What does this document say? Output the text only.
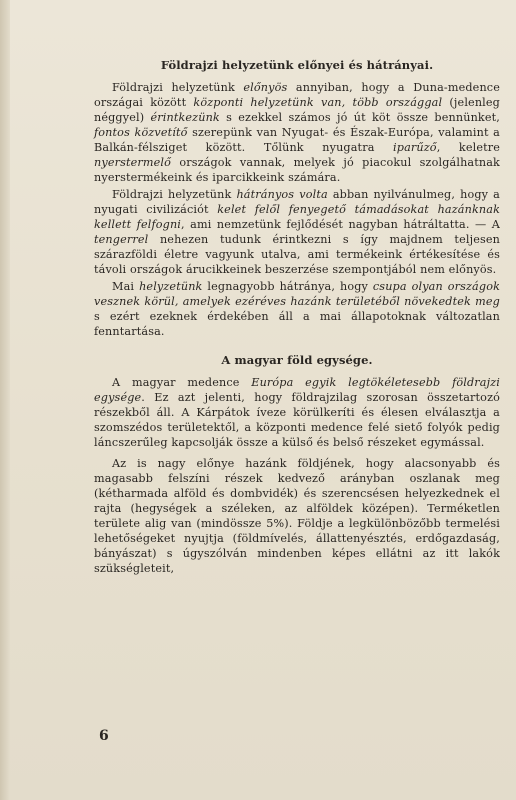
Földrajzi helyzetünk előnyei és hátrányai.

Földrajzi helyzetünk előnyös annyiban, hogy a Duna-medence országai között központi helyzetünk van, több országgal (jelenleg néggyel) érintkezünk s ezekkel számos jó út köt össze bennünket, fontos közvetítő szerepünk van Nyugat- és Észak-Európa, valamint a Balkán-félsziget között. Tőlünk nyugatra iparűző, keletre nyerstermelő országok vannak, melyek jó piacokul szolgálhatnak nyerstermékeink és iparcikkeink számára.

Földrajzi helyzetünk hátrányos volta abban nyilvánulmeg, hogy a nyugati civilizációt kelet felől fenyegető támadásokat hazánknak kellett felfogni, ami nemzetünk fejlődését nagyban hátráltatta. — A tengerrel nehezen tudunk érintkezni s így majdnem teljesen szárazföldi életre vagyunk utalva, ami termékeink értékesítése és távoli országok árucikkeinek beszerzése szempontjából nem előnyös.

Mai helyzetünk legnagyobb hátránya, hogy csupa olyan országok vesznek körül, amelyek ezéréves hazánk területéből növekedtek meg s ezért ezeknek érdekében áll a mai állapotoknak változatlan fenntartása.

A magyar föld egysége.

A magyar medence Európa egyik legtökéletesebb földrajzi egysége. Ez azt jelenti, hogy földrajzilag szorosan összetartozó részekből áll. A Kárpátok íveze körülkeríti és élesen elválasztja a szomszédos területektől, a központi medence felé siető folyók pedig láncszerűleg kapcsolják össze a külső és belső részeket egymással.

Az is nagy előnye hazánk földjének, hogy alacsonyabb és magasabb felszíni részek kedvező arányban oszlanak meg (kétharmada alföld és dombvidék) és szerencsésen helyezkednek el rajta (hegységek a széleken, az alföldek középen). Terméketlen területe alig van (mindössze 5%). Földje a legkülönbözőbb termelési lehetőségeket nyujtja (földmívelés, állattenyésztés, erdőgazdaság, bányászat) s úgyszólván mindenben képes ellátni az itt lakók szükségleteit,

6
